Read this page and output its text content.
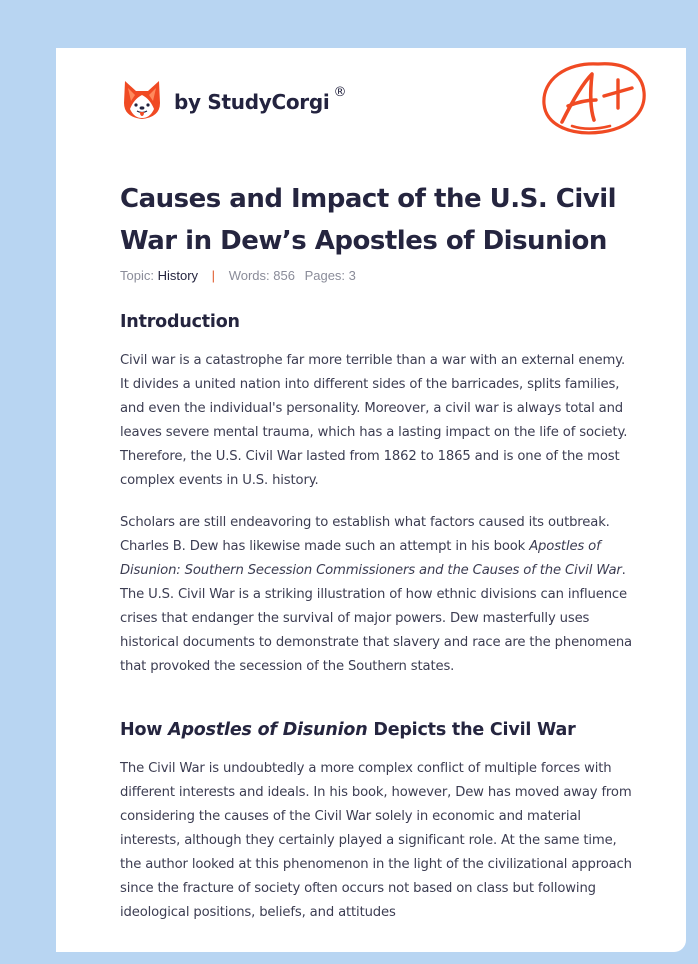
by StudyCorgi ®
Causes and Impact of the U.S. Civil War in Dew’s Apostles of Disunion
Topic: History | Words: 856 Pages: 3
Introduction

Civil war is a catastrophe far more terrible than a war with an external enemy. It divides a united nation into different sides of the barricades, splits families, and even the individual's personality. Moreover, a civil war is always total and leaves severe mental trauma, which has a lasting impact on the life of society. Therefore, the U.S. Civil War lasted from 1862 to 1865 and is one of the most complex events in U.S. history.

Scholars are still endeavoring to establish what factors caused its outbreak. Charles B. Dew has likewise made such an attempt in his book Apostles of Disunion: Southern Secession Commissioners and the Causes of the Civil War. The U.S. Civil War is a striking illustration of how ethnic divisions can influence crises that endanger the survival of major powers. Dew masterfully uses historical documents to demonstrate that slavery and race are the phenomena that provoked the secession of the Southern states.

How Apostles of Disunion Depicts the Civil War

The Civil War is undoubtedly a more complex conflict of multiple forces with different interests and ideals. In his book, however, Dew has moved away from considering the causes of the Civil War solely in economic and material interests, although they certainly played a significant role. At the same time, the author looked at this phenomenon in the light of the civilizational approach since the fracture of society often occurs not based on class but following ideological positions, beliefs, and attitudes
